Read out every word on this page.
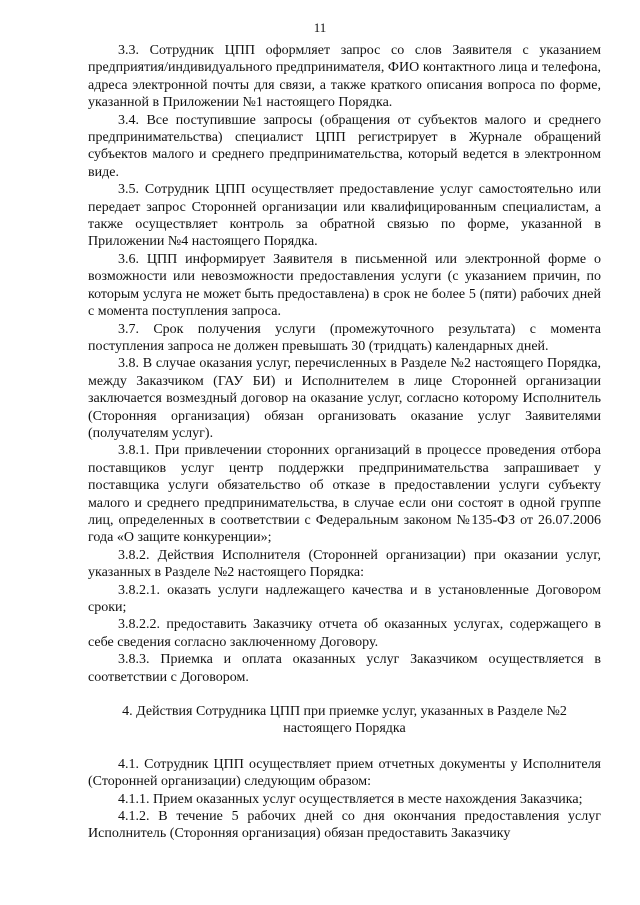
11

3.3. Сотрудник ЦПП оформляет запрос со слов Заявителя с указанием предприятия/индивидуального предпринимателя, ФИО контактного лица и телефона, адреса электронной почты для связи, а также краткого описания вопроса по форме, указанной в Приложении №1 настоящего Порядка.

3.4. Все поступившие запросы (обращения от субъектов малого и среднего предпринимательства) специалист ЦПП регистрирует в Журнале обращений субъектов малого и среднего предпринимательства, который ведется в электронном виде.

3.5. Сотрудник ЦПП осуществляет предоставление услуг самостоятельно или передает запрос Сторонней организации или квалифицированным специалистам, а также осуществляет контроль за обратной связью по форме, указанной в Приложении №4 настоящего Порядка.

3.6. ЦПП информирует Заявителя в письменной или электронной форме о возможности или невозможности предоставления услуги (с указанием причин, по которым услуга не может быть предоставлена) в срок не более 5 (пяти) рабочих дней с момента поступления запроса.

3.7. Срок получения услуги (промежуточного результата) с момента поступления запроса не должен превышать 30 (тридцать) календарных дней.

3.8. В случае оказания услуг, перечисленных в Разделе №2 настоящего Порядка, между Заказчиком (ГАУ БИ) и Исполнителем в лице Сторонней организации заключается возмездный договор на оказание услуг, согласно которому Исполнитель (Сторонняя организация) обязан организовать оказание услуг Заявителями (получателям услуг).

3.8.1. При привлечении сторонних организаций в процессе проведения отбора поставщиков услуг центр поддержки предпринимательства запрашивает у поставщика услуги обязательство об отказе в предоставлении услуги субъекту малого и среднего предпринимательства, в случае если они состоят в одной группе лиц, определенных в соответствии с Федеральным законом №135-ФЗ от 26.07.2006 года «О защите конкуренции»;

3.8.2. Действия Исполнителя (Сторонней организации) при оказании услуг, указанных в Разделе №2 настоящего Порядка:

3.8.2.1. оказать услуги надлежащего качества и в установленные Договором сроки;

3.8.2.2. предоставить Заказчику отчета об оказанных услугах, содержащего в себе сведения согласно заключенному Договору.

3.8.3. Приемка и оплата оказанных услуг Заказчиком осуществляется в соответствии с Договором.

4. Действия Сотрудника ЦПП при приемке услуг, указанных в Разделе №2 настоящего Порядка

4.1. Сотрудник ЦПП осуществляет прием отчетных документы у Исполнителя (Сторонней организации) следующим образом:

4.1.1. Прием оказанных услуг осуществляется в месте нахождения Заказчика;

4.1.2. В течение 5 рабочих дней со дня окончания предоставления услуг Исполнитель (Сторонняя организация) обязан предоставить Заказчику
